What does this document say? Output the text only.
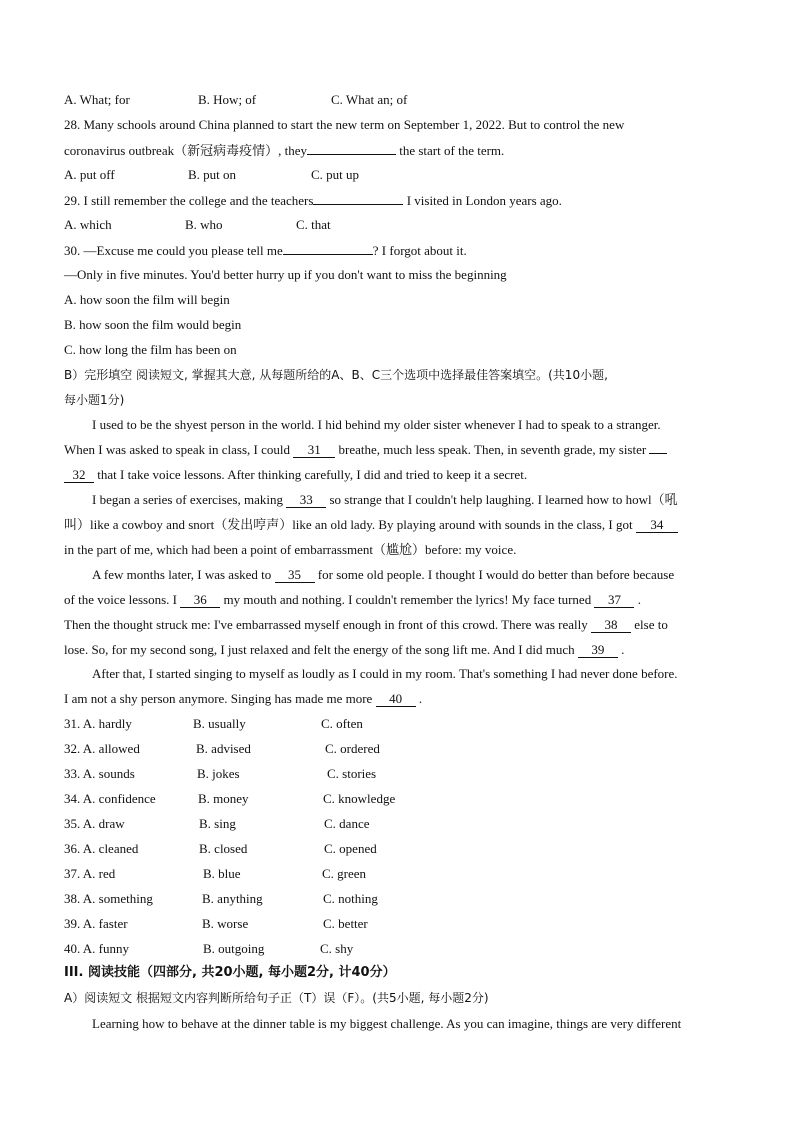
A. What; for	B. How; of	C. What an; of
28. Many schools around China planned to start the new term on September 1, 2022. But to control the new
coronavirus outbreak（新冠病毒疫情）, they	the start of the term.
A. put off	B. put on	C. put up
29. I still remember the college and the teachers	I visited in London years ago.
A. which	B. who	C. that
30. —Excuse me could you please tell me	? I forgot about it.
—Only in five minutes. You'd better hurry up if you don't want to miss the beginning
A. how soon the film will begin
B. how soon the film would begin
C. how long the film has been on
B）完形填空 阅读短文, 掌握其大意, 从每题所给的A、B、C三个选项中选择最佳答案填空。(共10小题,
每小题1分)
I used to be the shyest person in the world. I hid behind my older sister whenever I had to speak to a stranger.
When I was asked to speak in class, I could 31 breathe, much less speak. Then, in seventh grade, my sister
32 that I take voice lessons. After thinking carefully, I did and tried to keep it a secret.
I began a series of exercises, making 33 so strange that I couldn't help laughing. I learned how to howl（吼
叫）like a cowboy and snort（发出哼声）like an old lady. By playing around with sounds in the class, I got 34
in the part of me, which had been a point of embarrassment（尴尬）before: my voice.
A few months later, I was asked to 35 for some old people. I thought I would do better than before because
of the voice lessons. I 36 my mouth and nothing. I couldn't remember the lyrics! My face turned 37 .
Then the thought struck me: I've embarrassed myself enough in front of this crowd. There was really 38 else to
lose. So, for my second song, I just relaxed and felt the energy of the song lift me. And I did much 39 .
After that, I started singing to myself as loudly as I could in my room. That's something I had never done before.
I am not a shy person anymore. Singing has made me more 40 .
31. A. hardly	B. usually	C. often
32. A. allowed	B. advised	C. ordered
33. A. sounds	B. jokes	C. stories
34. A. confidence	B. money	C. knowledge
35. A. draw	B. sing	C. dance
36. A. cleaned	B. closed	C. opened
37. A. red	B. blue	C. green
38. A. something	B. anything	C. nothing
39. A. faster	B. worse	C. better
40. A. funny	B. outgoing	C. shy
III. 阅读技能（四部分, 共20小题, 每小题2分, 计40分）
A）阅读短文 根据短文内容判断所给句子正（T）误（F）。(共5小题, 每小题2分)
Learning how to behave at the dinner table is my biggest challenge. As you can imagine, things are very different
